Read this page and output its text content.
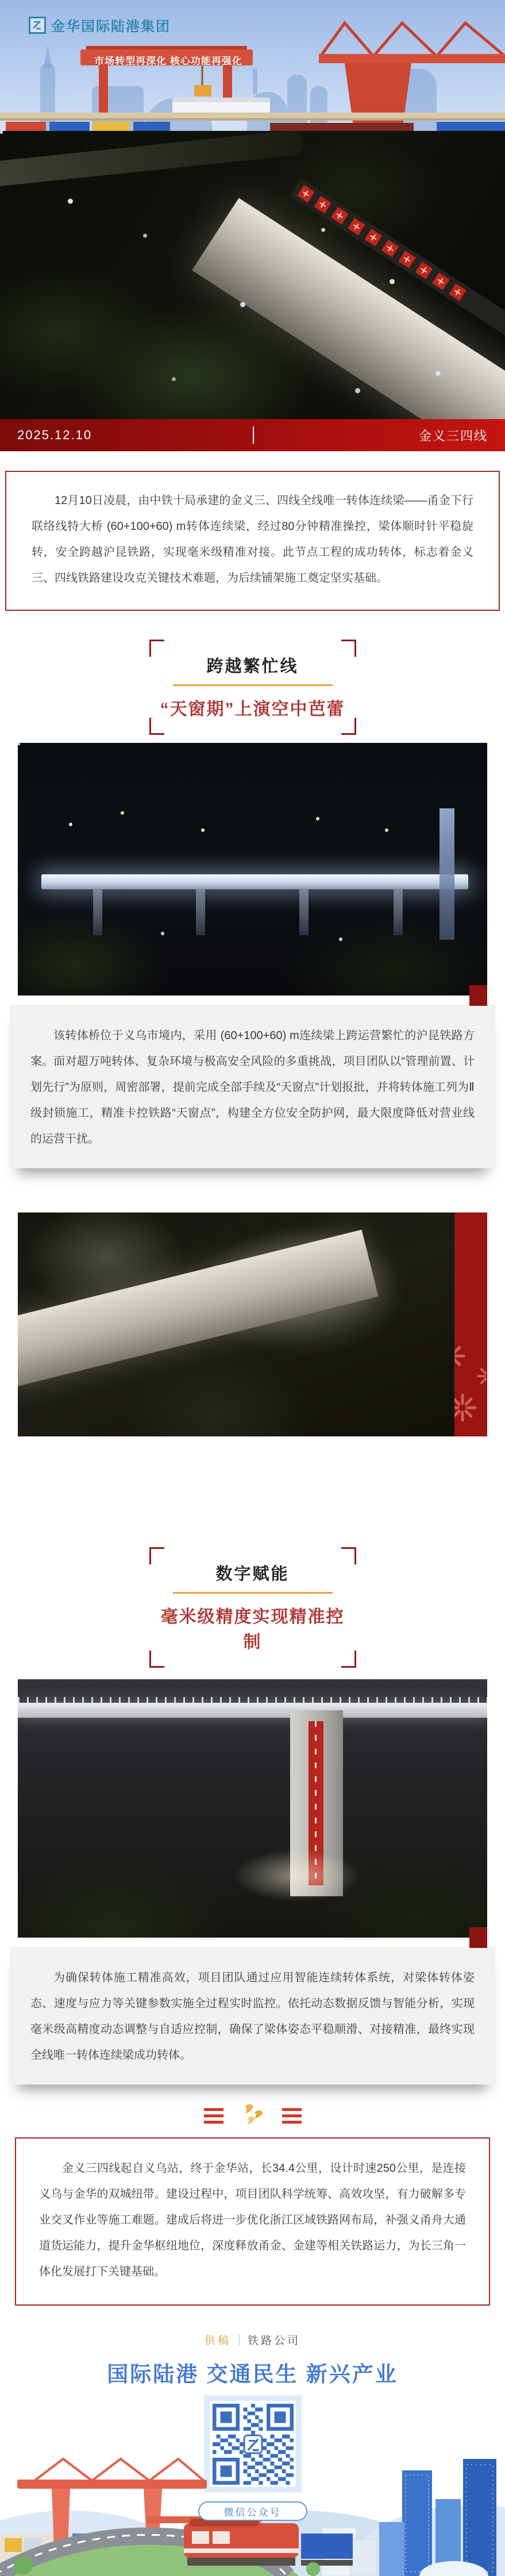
金华国际陆港集团
市场转型再深化 核心功能再强化
2025.12.10	金义三四线

12月10日凌晨，由中铁十局承建的金义三、四线全线唯一转体连续梁——甬金下行联络线特大桥 (60+100+60) m转体连续梁，经过80分钟精准操控，梁体顺时针平稳旋转，安全跨越沪昆铁路，实现毫米级精准对接。此节点工程的成功转体，标志着金义三、四线铁路建设攻克关键技术难题，为后续铺架施工奠定坚实基础。

跨越繁忙线
“天窗期”上演空中芭蕾

该转体桥位于义乌市境内，采用 (60+100+60) m连续梁上跨运营繁忙的沪昆铁路方案。面对超万吨转体、复杂环境与极高安全风险的多重挑战，项目团队以“管理前置、计划先行”为原则，周密部署，提前完成全部手续及“天窗点”计划报批，并将转体施工列为Ⅱ级封锁施工，精准卡控铁路“天窗点”，构建全方位安全防护网，最大限度降低对营业线的运营干扰。

数字赋能
毫米级精度实现精准控制

为确保转体施工精准高效，项目团队通过应用智能连续转体系统，对梁体转体姿态、速度与应力等关键参数实施全过程实时监控。依托动态数据反馈与智能分析，实现毫米级高精度动态调整与自适应控制，确保了梁体姿态平稳顺滑、对接精准，最终实现全线唯一转体连续梁成功转体。

金义三四线起自义乌站，终于金华站，长34.4公里，设计时速250公里，是连接义乌与金华的双城纽带。建设过程中，项目团队科学统筹、高效攻坚，有力破解多专业交叉作业等施工难题。建成后将进一步优化浙江区域铁路网布局，补强义甬舟大通道货运能力，提升金华枢纽地位，深度释放甬金、金建等相关铁路运力，为长三角一体化发展打下关键基础。

供稿 铁路公司
国际陆港 交通民生 新兴产业
微信公众号
